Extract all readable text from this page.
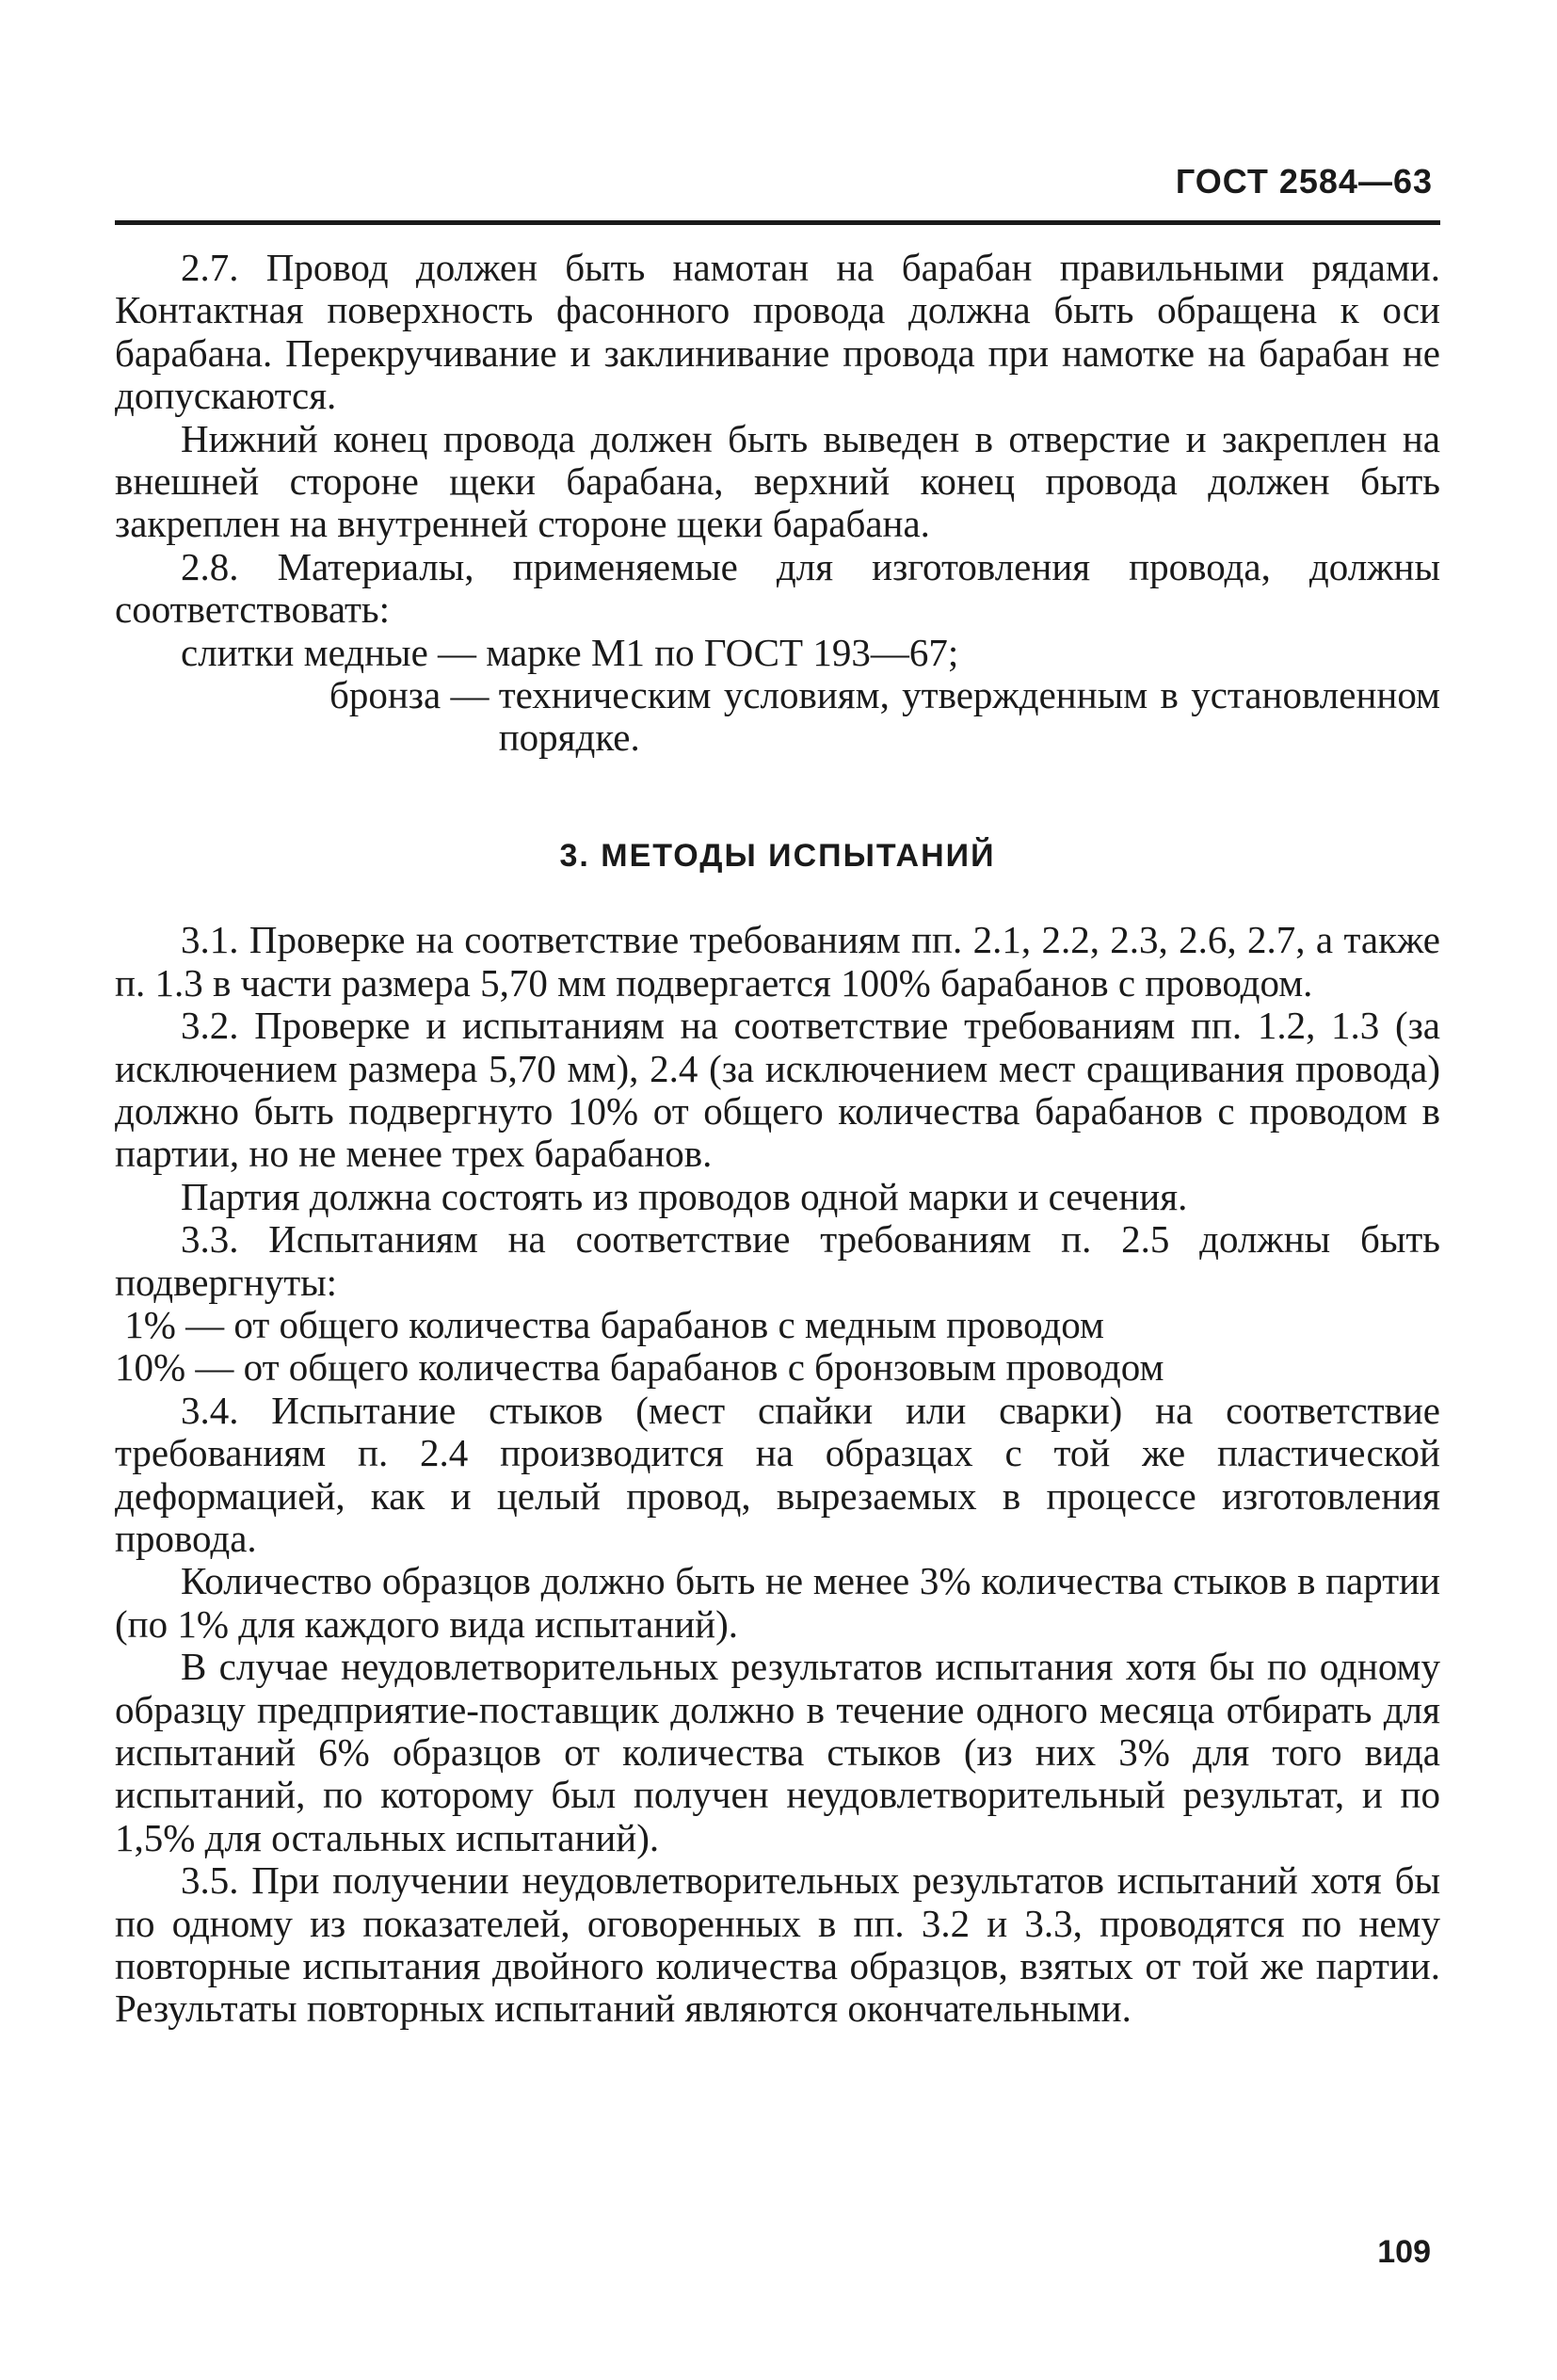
ГОСТ 2584—63

2.7. Провод должен быть намотан на барабан правильными рядами. Контактная поверхность фасонного провода должна быть обращена к оси барабана. Перекручивание и заклинивание провода при намотке на барабан не допускаются.

Нижний конец провода должен быть выведен в отверстие и закреплен на внешней стороне щеки барабана, верхний конец провода должен быть закреплен на внутренней стороне щеки барабана.

2.8. Материалы, применяемые для изготовления провода, должны соответствовать:

слитки медные — марке М1 по ГОСТ 193—67;

бронза — техническим условиям, утвержденным в установленном порядке.
3. МЕТОДЫ ИСПЫТАНИЙ

3.1. Проверке на соответствие требованиям пп. 2.1, 2.2, 2.3, 2.6, 2.7, а также п. 1.3 в части размера 5,70 мм подвергается 100% барабанов с проводом.

3.2. Проверке и испытаниям на соответствие требованиям пп. 1.2, 1.3 (за исключением размера 5,70 мм), 2.4 (за исключением мест сращивания провода) должно быть подвергнуто 10% от общего количества барабанов с проводом в партии, но не менее трех барабанов.

Партия должна состоять из проводов одной марки и сечения.

3.3. Испытаниям на соответствие требованиям п. 2.5 должны быть подвергнуты:

1% — от общего количества барабанов с медным проводом

10% — от общего количества барабанов с бронзовым проводом

3.4. Испытание стыков (мест спайки или сварки) на соответствие требованиям п. 2.4 производится на образцах с той же пластической деформацией, как и целый провод, вырезаемых в процессе изготовления провода.

Количество образцов должно быть не менее 3% количества стыков в партии (по 1% для каждого вида испытаний).

В случае неудовлетворительных результатов испытания хотя бы по одному образцу предприятие-поставщик должно в течение одного месяца отбирать для испытаний 6% образцов от количества стыков (из них 3% для того вида испытаний, по которому был получен неудовлетворительный результат, и по 1,5% для остальных испытаний).

3.5. При получении неудовлетворительных результатов испытаний хотя бы по одному из показателей, оговоренных в пп. 3.2 и 3.3, проводятся по нему повторные испытания двойного количества образцов, взятых от той же партии. Результаты повторных испытаний являются окончательными.

109
